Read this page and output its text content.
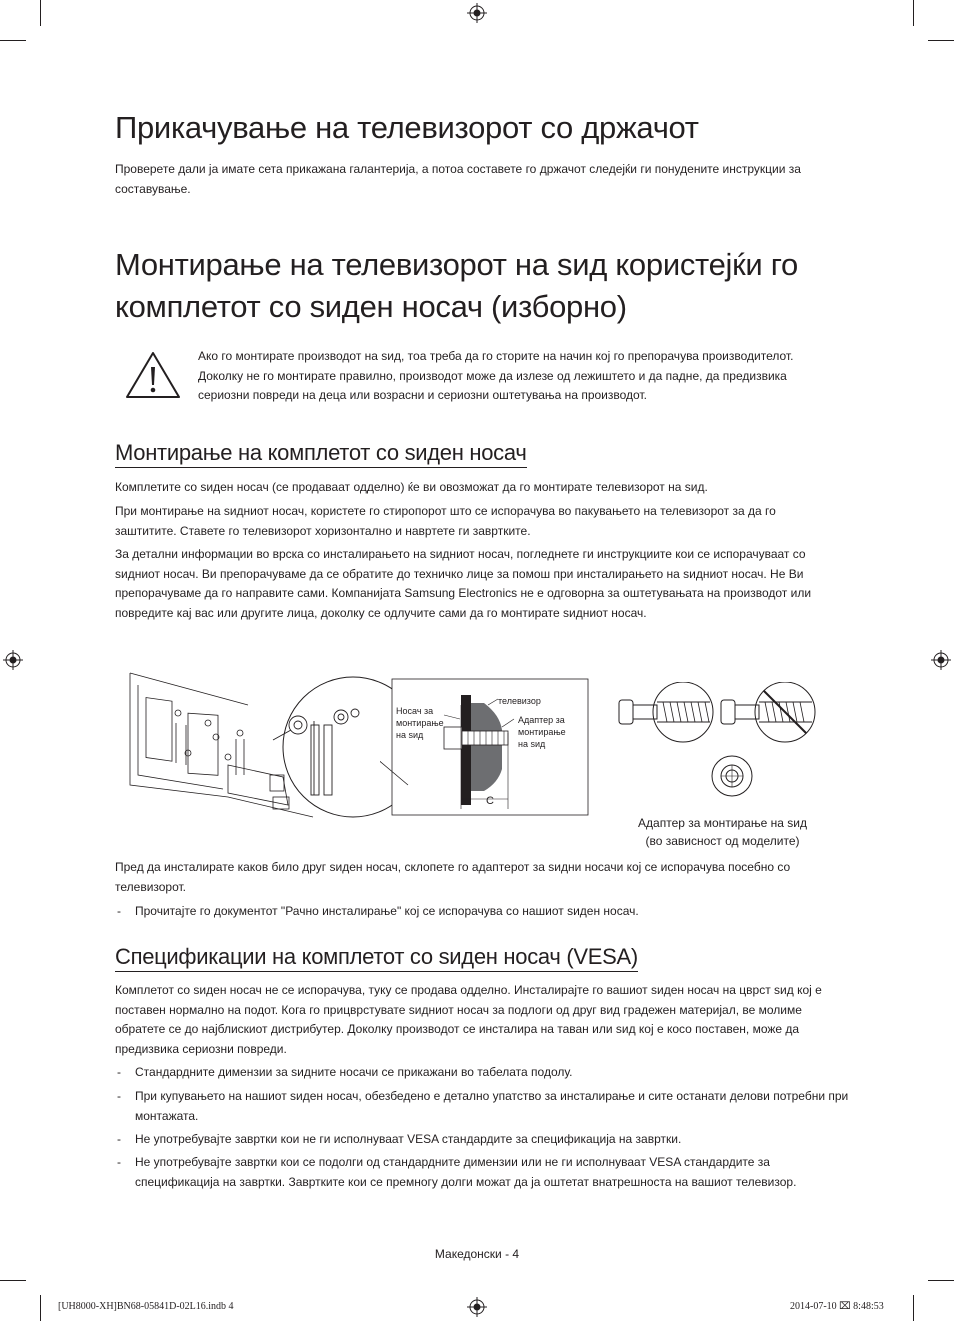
Прикачување на телевизорот со држачот

Проверете дали ја имате сета прикажана галантерија, а потоа составете го држачот следејќи ги понудените инструкции за составување.

Монтирање на телевизорот на ѕид користејќи го
комплетот со ѕиден носач (изборно)

Ако го монтирате производот на ѕид, тоа треба да го сторите на начин кој го препорачува производителот. Доколку не го монтирате правилно, производот може да излезе од лежиштето и да падне, да предизвика сериозни повреди на деца или возрасни и сериозни оштетувања на производот.

Монтирање на комплетот со ѕиден носач

Комплетите со ѕиден носач (се продаваат одделно) ќе ви овозможат да го монтирате телевизорот на ѕид.

При монтирање на ѕидниот носач, користете го стиропорот што се испорачува во пакувањето на телевизорот за да го заштитите. Ставете го телевизорот хоризонтално и навртете ги завртките.

За детални информации во врска со инсталирањето на ѕидниот носач, погледнете ги инструкциите кои се испорачуваат со ѕидниот носач. Ви препорачуваме да се обратите до техничко лице за помош при инсталирањето на ѕидниот носач. Не Ви препорачуваме да го направите сами. Компанијата Samsung Electronics не е одговорна за оштетувањата на производот или повредите кај вас или другите лица, доколку се одлучите сами да го монтирате ѕидниот носач.

Носач за монтирање на ѕид
телевизор
Адаптер за монтирање на ѕид
C
Адаптер за монтирање на ѕид
(во зависност од моделите)

Пред да инсталирате каков било друг ѕиден носач, склопете го адаптерот за ѕидни носачи кој се испорачува посебно со телевизорот.

- Прочитајте го документот "Рачно инсталирање" кој се испорачува со нашиот ѕиден носач.
Спецификации на комплетот со ѕиден носач (VESA)

Комплетот со ѕиден носач не се испорачува, туку се продава одделно. Инсталирајте го вашиот ѕиден носач на цврст ѕид кој е поставен нормално на подот. Кога го прицврстувате ѕидниот носач за подлоги од друг вид градежен материјал, ве молиме обратете се до најблискиот дистрибутер. Доколку производот се инсталира на таван или ѕид кој е косо поставен, може да предизвика сериозни повреди.

- Стандардните димензии за ѕидните носачи се прикажани во табелата подолу.
- При купувањето на нашиот ѕиден носач, обезбедено е детално упатство за инсталирање и сите останати делови потребни при монтажата.
- Не употребувајте завртки кои не ги исполнуваат VESA стандардите за спецификација на завртки.
- Не употребувајте завртки кои се подолги од стандардните димензии или не ги исполнуваат VESA стандардите за спецификација на завртки. Завртките кои се премногу долги можат да ја оштетат внатрешноста на вашиот телевизор.
Македонски - 4
[UH8000-XH]BN68-05841D-02L16.indb 4	2014-07-10 ⌧ 8:48:53
